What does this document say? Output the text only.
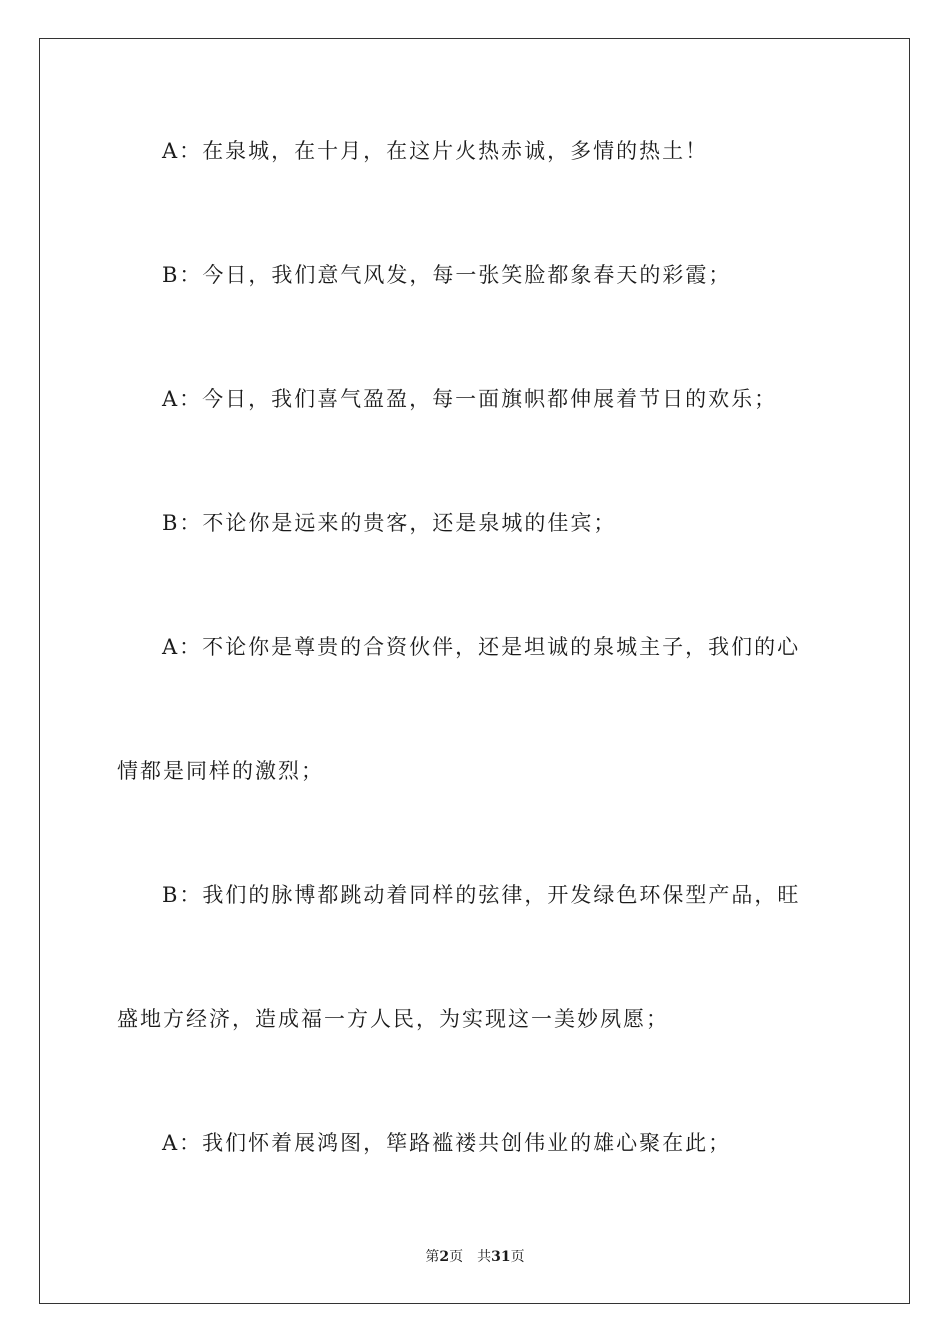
A：在泉城，在十月，在这片火热赤诚，多情的热土！
B：今日，我们意气风发，每一张笑脸都象春天的彩霞；
A：今日，我们喜气盈盈，每一面旗帜都伸展着节日的欢乐；
B：不论你是远来的贵客，还是泉城的佳宾；
A：不论你是尊贵的合资伙伴，还是坦诚的泉城主子，我们的心
情都是同样的激烈；
B：我们的脉博都跳动着同样的弦律，开发绿色环保型产品，旺
盛地方经济，造成福一方人民，为实现这一美妙夙愿；
A：我们怀着展鸿图，筚路褴褛共创伟业的雄心聚在此；
第2页 共31页
